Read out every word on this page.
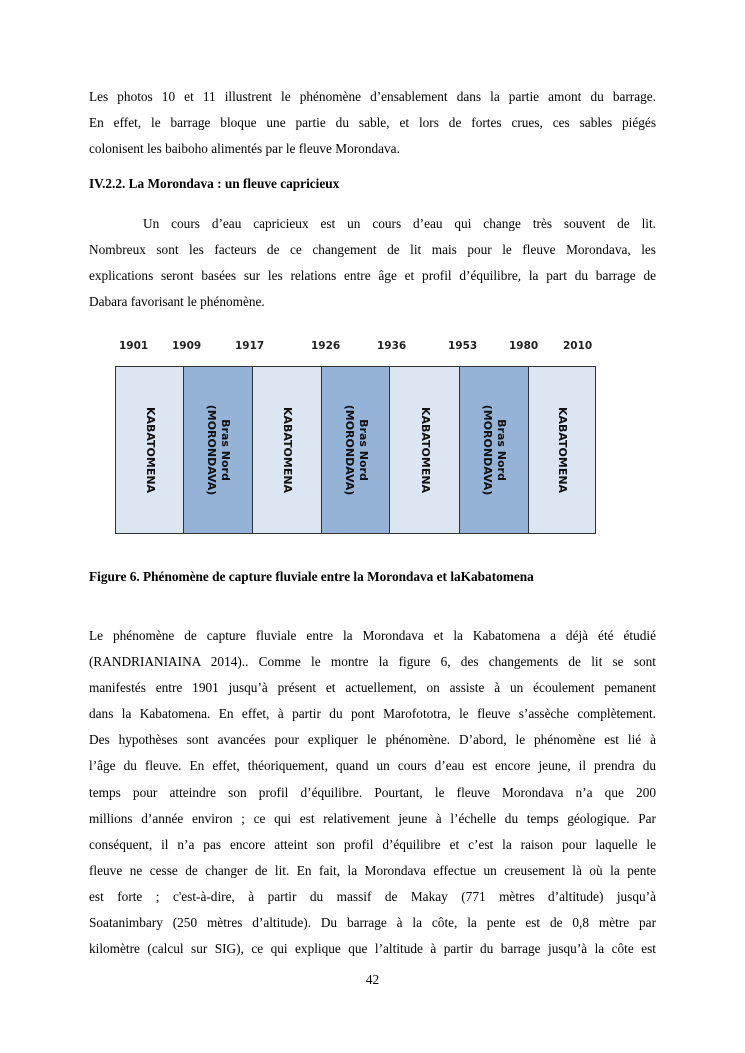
Les photos 10 et 11 illustrent le phénomène d’ensablement dans la partie amont du barrage.
En effet, le barrage bloque une partie du sable, et lors de fortes crues, ces sables piégés
colonisent les baiboho alimentés par le fleuve Morondava.

IV.2.2. La Morondava : un fleuve capricieux

Un cours d’eau capricieux est un cours d’eau qui change très souvent de lit.
Nombreux sont les facteurs de ce changement de lit mais pour le fleuve Morondava, les
explications seront basées sur les relations entre âge et profil d’équilibre, la part du barrage de
Dabara favorisant le phénomène.
1901 1909	1917	1926	1936	1953	1980 2010
KABATOMENA	Bras Nord
(MORONDAVA)	KABATOMENA	Bras Nord
(MORONDAVA)	KABATOMENA	Bras Nord
(MORONDAVA)	KABATOMENA

Figure 6. Phénomène de capture fluviale entre la Morondava et laKabatomena

Le phénomène de capture fluviale entre la Morondava et la Kabatomena a déjà été étudié
(RANDRIANIAINA 2014).. Comme le montre la figure 6, des changements de lit se sont
manifestés entre 1901 jusqu’à présent et actuellement, on assiste à un écoulement pemanent
dans la Kabatomena. En effet, à partir du pont Marofototra, le fleuve s’assèche complètement.
Des hypothèses sont avancées pour expliquer le phénomène. D’abord, le phénomène est lié à
l’âge du fleuve. En effet, théoriquement, quand un cours d’eau est encore jeune, il prendra du
temps pour atteindre son profil d’équilibre. Pourtant, le fleuve Morondava n’a que 200
millions d’année environ ; ce qui est relativement jeune à l’échelle du temps géologique. Par
conséquent, il n’a pas encore atteint son profil d’équilibre et c’est la raison pour laquelle le
fleuve ne cesse de changer de lit. En fait, la Morondava effectue un creusement là où la pente
est forte ; c'est-à-dire, à partir du massif de Makay (771 mètres d’altitude) jusqu’à
Soatanimbary (250 mètres d’altitude). Du barrage à la côte, la pente est de 0,8 mètre par
kilomètre (calcul sur SIG), ce qui explique que l’altitude à partir du barrage jusqu’à la côte est
42
